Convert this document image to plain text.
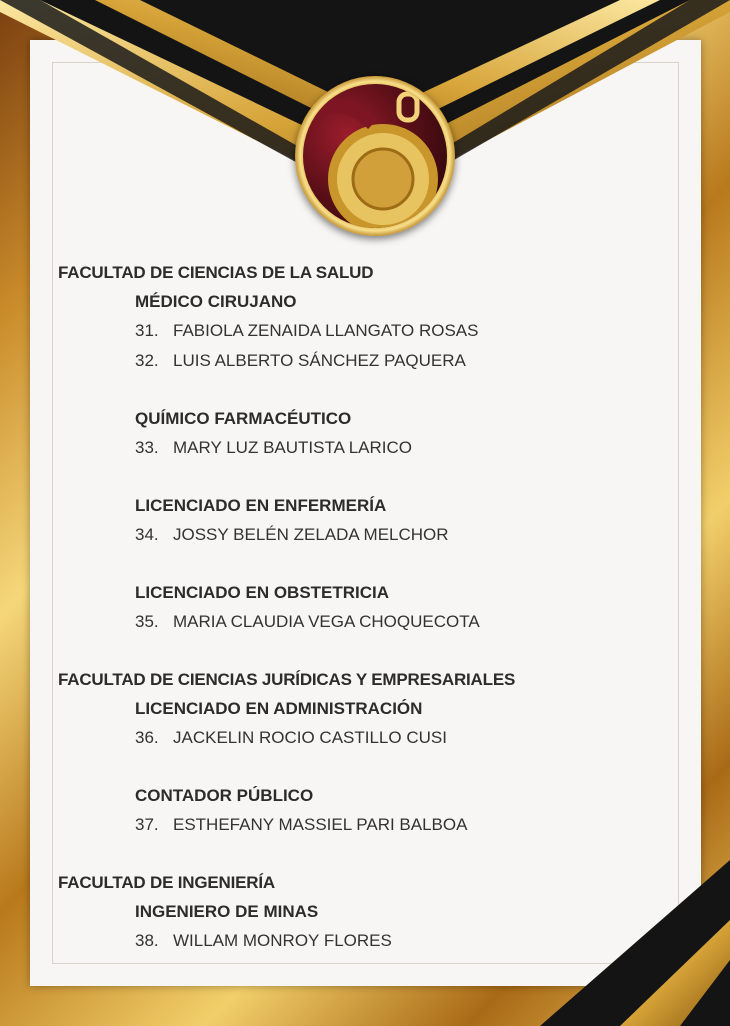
FACULTAD DE CIENCIAS DE LA SALUD
MÉDICO CIRUJANO
31. FABIOLA ZENAIDA LLANGATO ROSAS
32. LUIS ALBERTO SÁNCHEZ PAQUERA
QUÍMICO FARMACÉUTICO
33. MARY LUZ BAUTISTA LARICO
LICENCIADO EN ENFERMERÍA
34. JOSSY BELÉN ZELADA MELCHOR
LICENCIADO EN OBSTETRICIA
35. MARIA CLAUDIA VEGA CHOQUECOTA
FACULTAD DE CIENCIAS JURÍDICAS Y EMPRESARIALES
LICENCIADO EN ADMINISTRACIÓN
36. JACKELIN ROCIO CASTILLO CUSI
CONTADOR PÚBLICO
37. ESTHEFANY MASSIEL PARI BALBOA
FACULTAD DE INGENIERÍA
INGENIERO DE MINAS
38. WILLAM MONROY FLORES
